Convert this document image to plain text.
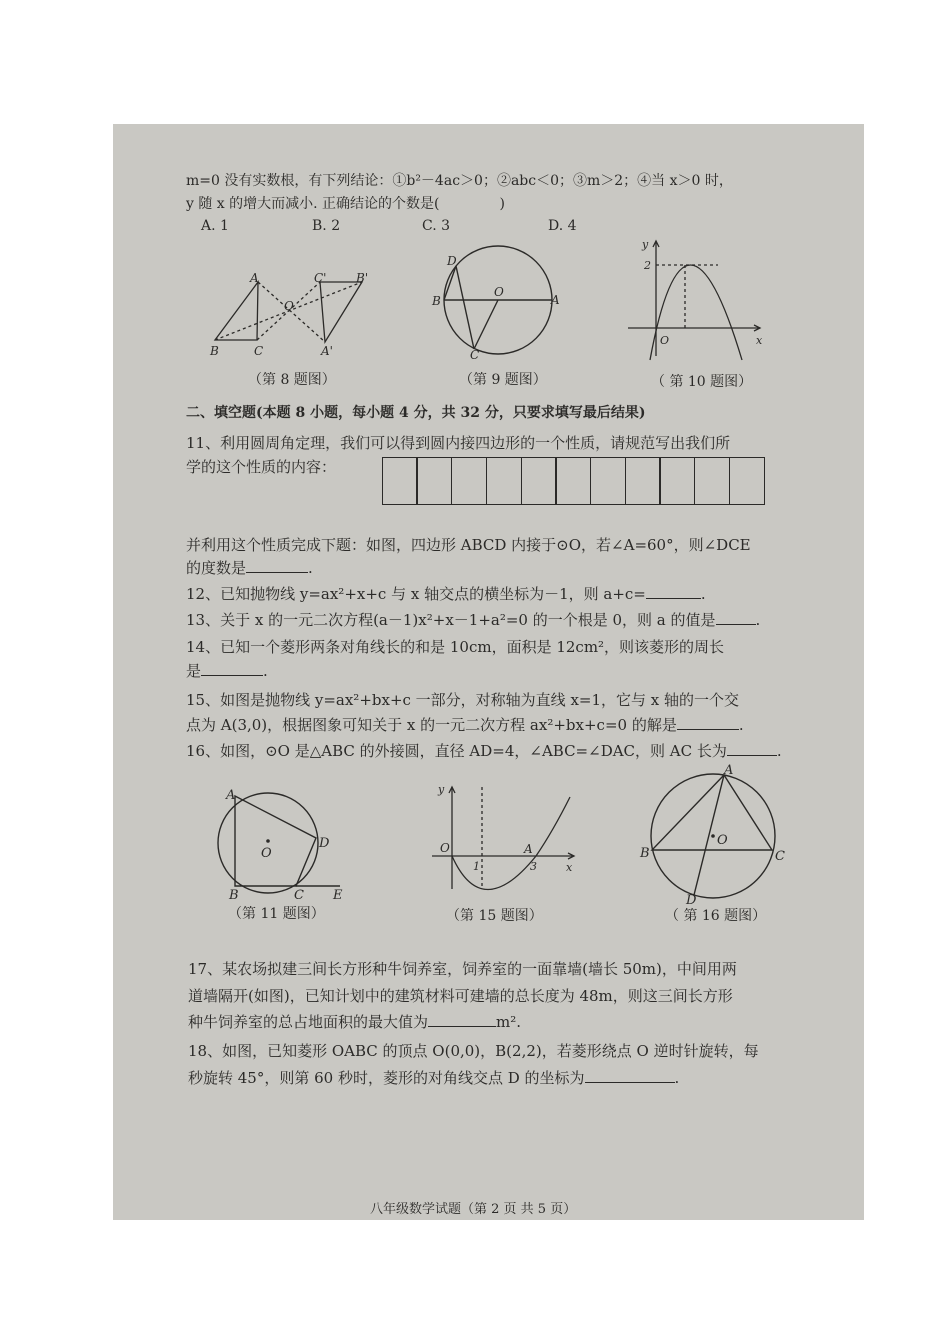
m=0 没有实数根，有下列结论：①b²－4ac＞0；②abc＜0；③m＞2；④当 x＞0 时，
y 随 x 的增大而减小. 正确结论的个数是(	)
A. 1	B. 2	C. 3	D. 4
A
B	C
O
C' B'
A'
（第 8 题图）
D
B
O
A
C
（第 9 题图）
y
2
O	x
（ 第 10 题图）
二、填空题(本题 8 小题，每小题 4 分，共 32 分，只要求填写最后结果)
11、利用圆周角定理，我们可以得到圆内接四边形的一个性质，请规范写出我们所
学的这个性质的内容：
并利用这个性质完成下题：如图，四边形 ABCD 内接于⊙O，若∠A=60°，则∠DCE
的度数是	.
12、已知抛物线 y=ax²+x+c 与 x 轴交点的横坐标为－1，则 a+c=	.
13、关于 x 的一元二次方程(a－1)x²+x－1+a²=0 的一个根是 0，则 a 的值是	.
14、已知一个菱形两条对角线长的和是 10cm，面积是 12cm²，则该菱形的周长
是	.
15、如图是抛物线 y=ax²+bx+c 一部分，对称轴为直线 x=1，它与 x 轴的一个交
点为 A(3,0)，根据图象可知关于 x 的一元二次方程 ax²+bx+c=0 的解是	.
16、如图，⊙O 是△ABC 的外接圆，直径 AD=4，∠ABC=∠DAC，则 AC 长为	.
A
O
D
B	C E
（第 11 题图）
y
O
1
A
3	x
（第 15 题图）
A
O
B	C
D
（ 第 16 题图）
17、某农场拟建三间长方形种牛饲养室，饲养室的一面靠墙(墙长 50m)，中间用两
道墙隔开(如图)，已知计划中的建筑材料可建墙的总长度为 48m，则这三间长方形
种牛饲养室的总占地面积的最大值为	m².
18、如图，已知菱形 OABC 的顶点 O(0,0)，B(2,2)，若菱形绕点 O 逆时针旋转，每
秒旋转 45°，则第 60 秒时，菱形的对角线交点 D 的坐标为	.
八年级数学试题（第 2 页 共 5 页）
